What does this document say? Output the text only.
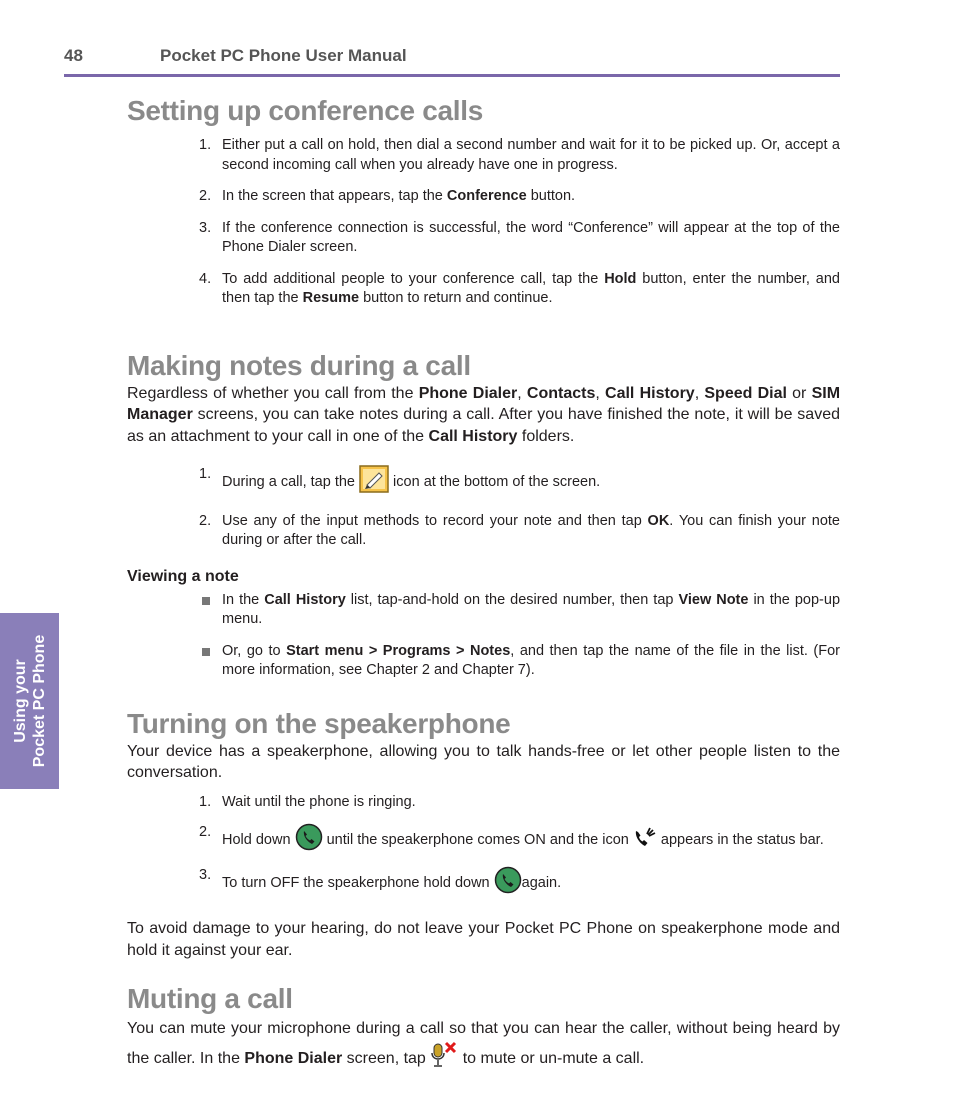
48	Pocket PC Phone User Manual
Using your Pocket PC Phone
Setting up conference calls
1. Either put a call on hold, then dial a second number and wait for it to be picked up. Or, accept a second incoming call when you already have one in progress.
2. In the screen that appears, tap the Conference button.
3. If the conference connection is successful, the word “Conference” will appear at the top of the Phone Dialer screen.
4. To add additional people to your conference call, tap the Hold button, enter the number, and then tap the Resume button to return and continue.
Making notes during a call

Regardless of whether you call from the Phone Dialer, Contacts, Call History, Speed Dial or SIM Manager screens, you can take notes during a call. After you have finished the note, it will be saved as an attachment to your call in one of the Call History folders.

1.
During a call, tap the  icon at the bottom of the screen.
2. Use any of the input methods to record your note and then tap OK. You can finish your note during or after the call.

Viewing a note

In the Call History list, tap-and-hold on the desired number, then tap View Note in the pop-up menu.
Or, go to Start menu > Programs > Notes, and then tap the name of the file in the list. (For more information, see Chapter 2 and Chapter 7).
Turning on the speakerphone

Your device has a speakerphone, allowing you to talk hands-free or let other people listen to the conversation.

1. Wait until the phone is ringing.
2.
Hold down  until the speakerphone comes ON and the icon  appears in the status bar.
3.
To turn OFF the speakerphone hold down again.

To avoid damage to your hearing, do not leave your Pocket PC Phone on speakerphone mode and hold it against your ear.

Muting a call

You can mute your microphone during a call so that you can hear the caller, without being heard by the caller. In the Phone Dialer screen, tap  to mute or un-mute a call.
